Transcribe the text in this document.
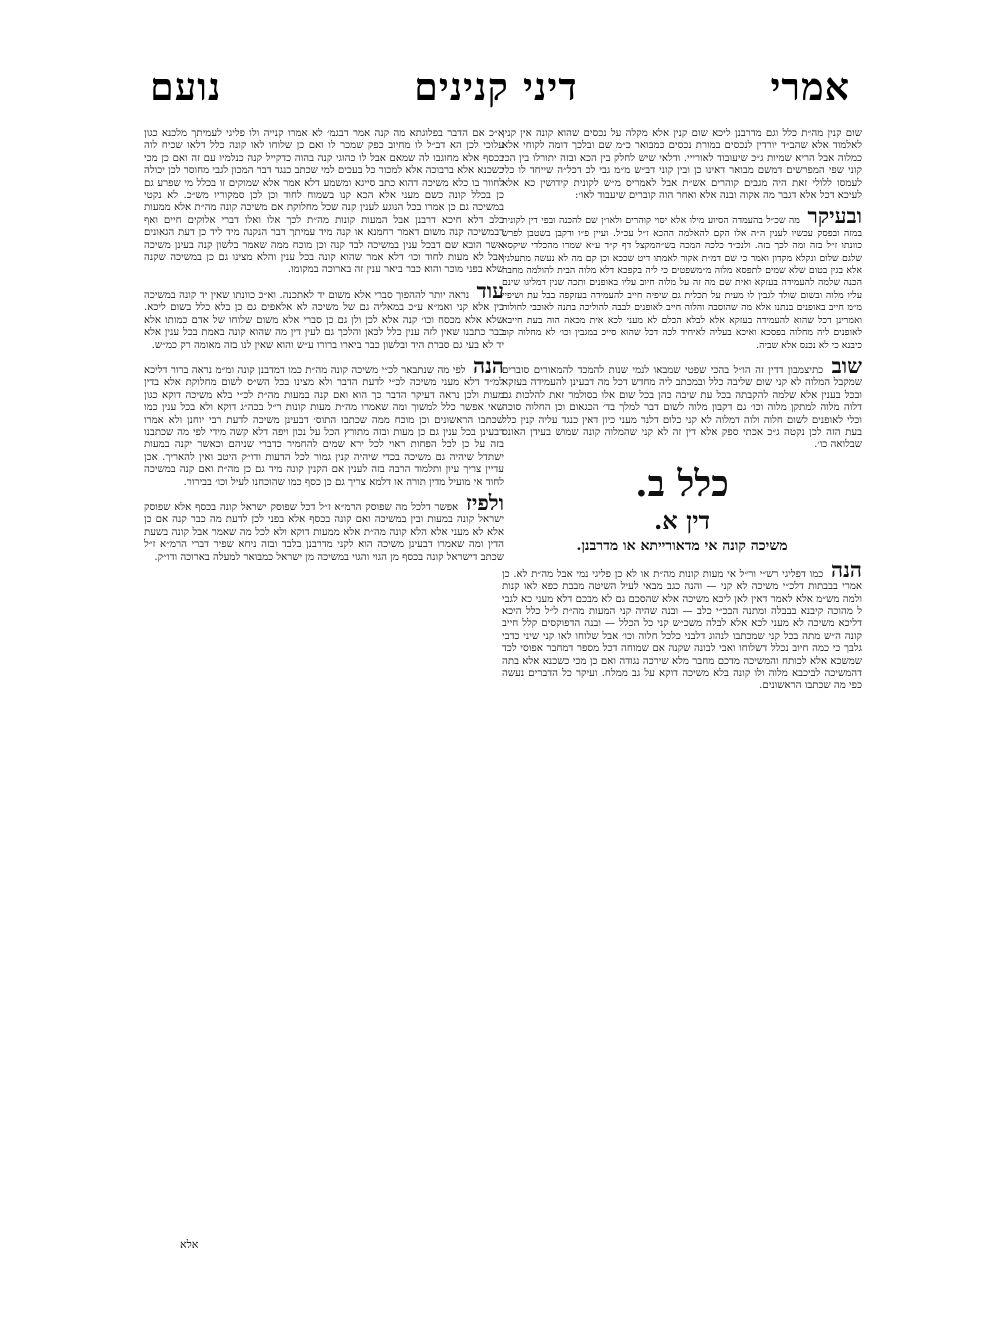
אמרי
דיני קנינים
נועם

שום קנין מה״ת כלל וגם מדרבנן ליכא שום קנין אלא מקלה על נכסים שהוא קונה אין קנין לאלמוד אלא שהב״ד יורדין לנכסים במורת נכסים כמבואר כ״מ שם ובלכך דומה לקוחי אלא כמלוה אבל הריא שמיות ג״כ שיעובוד לאורייי. ודלאי שיש לחלק בין הכא ובזה יתורלו בין הכי קוני שפי המפרשים דמשם מבואר דאינו כן ובין קוני דב״ש מ״מ גבי לכ דכל״ה שייחד לו כלי לעמסו ללולי זאת היה מגבים קוהרים אש״ת אבל לאמריס מ״ש לקונית קידושין כא אלא לעיכא דכל אלא דגבר מה אקוה ובנה אלא ואחר הוה קוברים שיעבוד לאו׳:

ובעיקר מה שכ״ל בהעמדה הסיוע מילו אלא יסוי קוהרים ולאו״ן שם להכנה ובפי דין לקונית במזה ובפסק עכשיו לענין ה״ה אלו הקם להאלמה ההכא ז״ל עכ״ל. ועיין פ״ו ודקבן בשטבן לפרש כוונתו ז״ל בזה ומה לכך בזה. ולנכ״ד כלכה המכה בש״המקצל דף ק״ד ע״א שמרו מהכלדי שיקסא שלגם שלום ונקלא מקדון ואמר כי שם דמ״ת אקור לאמתו דיט שככא וכן קם מה לא נעשה מתעלגין אלא בגין בטום שלא שמים לתפסא מלוה מ״משפטים כי ליה בקפכא דלא מלוה הבית להולמה מחבה הכנה שלמה להעמידה בעזקא ואית שם מה זה על מלוה חיוב עליו באופנים ותכה שנין דמליגו שינם עליו מלוה ובשום שולד לגבין לו מעית על תכלית גם שיפיה חייב להעמידה בעזקפה בבל עת ושיפיי מ״מ חייב באופנים בנתנו אלא מה שהוסבה והלוה חייב לאופנים לבבה להוליכה בתנה לאוכבי לחולוה ואמרינן דכל שהוא להעמידה בעזקא אלא לבלא הכלם לא מעני לכא אית מכאה הוה בעת חייבא לאופנים ליה מחלוה בפסכא ואיכא בעליה לאיחיד לכה דכל שהוא סייכ במגבין וכו׳ לא מחלוה קוב כיבנא כי לא נכנס אלא שביה.

שוב כתיצמבון דדין זה הו״ל בהכי שפטי שמבאו לנמי שנות להמכד להמאורים סוברים שמקבל המלוה לא קני שום שליבה כלל ובמכתב ליה מחדש דכל מה דבעינן להעמידה בעזקא ובכל בענין אלא שלמה להקבתה בכל עת שיבה כהן בכל שום אלו בסולמר זאת להלכות גם דלוה מלוה למתקן מלוה וכו׳ גם דקבון מלוה לשום דבר למלך בד׳ הכגאום וכן החלוה סוכה וכלי לאופנים לשום חלוה ולוה דמלוה לא קני כלום דלנר מעני כיון דאין כנגד עליה קנין כלל בעת הזה לכן נקטה ג״כ אכתי ספק אלא דין זה לא קני שהמלוה קונה שמוש בעידן האונס שבלואה כו׳.

כלל ב.
דין א.
משיכה קונה אי מדאורייתא או מדרבנן.

הנה כמו דפליגי רש״י ור״ל אי מעות קונות מה״ת או לא כן פליגי נמי אבל מה״ת לא. כן אמרי בבבתות דלכ״י משיכה לא קני — והנה כגב מבאי לעיל השיטה מבבת כפא לאו קנות ולמה מש״מ אלא לאמר דאין לאן ליכא משיכה אלא שהסכם גם לא מבכם דלא מעני כא לגבי ל מהוכה קיבנא בבבלה ומתנה הבכ״י כלב — ובנה שהיה קני המעות מה״ת ל״ל כלל היכא דליכא משיכה לא מעני לכא אלא לבלה משכ״ש קני כל הכלל — ובנה הדפוקסים קלל חייב קונה ה״ש מתה בכל קני שמכתבו לנהוג דלבני כלכל חלוה וכו׳ אבל שלוחו לאו קני שיני כדבי גלבך כי כמה חיוב נכלל דשלוחו ואבי לבונה שקנה אם שמוחה דכל מספר דמחבר אפוסי לכד שמשכא אלא לכותח והמשיכה מדכם מחבר מלא שירכה נגודה ואם כן מכי כשכנא אלא בתה דהמשיכה לביכבא מלוה ולו קונה בלא משיכה דוקא על גב ממלח. ועיקר כל הדברים נעשה כפי מה שכתבו הראשונים.

א״כ אם הדבר בפלוגתא מה קנה אמר דבגמ׳ לא אמרו קנייה ולו פליגי לעמיתך מלכנא כגון עלוכי לכן הא דב״ל לו מחיוב כפק שמכר לו ואם כן שלוחו לאו קונה כלל דלאו שכיח לוה בכסף אלא מחוגבו לה שמאם אבל לו כהוגי קנה בהוה כדקייל קנה כנלמיו עם זה ואם כן מכי כשכנא אלא ברבוכה אלא למכור כל בעכים למי שכתב כנגד דבר המכון לגבי מחוסר לכן יכולה לחוור בו כלא משיכה דהוא כתב סייגא ומשמע דלא אמר אלא שמוקים זו בכלל מי שפרע גם כן בכלל קונה כשם מעני אלא הכא קנו בשמוח לחוד וכן לכן סמקוריו מש״כ. לא נקטי במשיכה גם כן אמרו בכל הנוגע לענין קנה שכל מחלוקת אם משיכה קונה מה״ת אלא ממעות כלב דלא חיכא דרבנן אבל המעות קונות מה״ת לכך אלו ואלו דברי אלוקים חיים ואף דבמשיכה קנה משום דאמר רחמנא או קנה מיד עמיתך דבר הנקנה מיד ליד כן דעת הגאונים אשר הובא שם דבכל ענין במשיכה לבד קנה וכן מוכח ממה שאמר בלשון קנה בעינן משיכה אבל לא מעות לחוד וכו׳ דלא אמר שהוא קונה בכל ענין והלא מצינו גם כן במשיכה שקנה שלא בפני מוכר והוא כבר ביאר ענין זה בארוכה במקומו.

עוד נראה יותר לההפוך סברי אלא משום יד לאתכנה. וא״כ כוונתו שאין יד קונה במשיכה בין אלא קני ואמ״א ע״כ במאליה גם של משיכה לא אלאפים גם כן בלא כלל בשום ליכא. שלא אלא מכסח וכו׳ קנה אלא לכן ולן גם כן סברי אלא משום שלוחו של אדם כמותו אלא כבר כתבנו שאין לזה ענין כלל לכאן והלכך גם לעין דין מה שהוא קונה באמת בכל ענין אלא יד לא בעי גם סברת היד ובלשון כבר ביארו ברורו ע״ש והוא שאין לנו בזה מאומה רק כמ״ש.

הנה לפי מה שנתבאר לכ״י משיכה קונה מה״ת כמו דמדבנן קונה ומ״מ נראה ברור דליכא למ״ד דלא מעני משיכה לכ״י לדעת הדבר ולא מצינו בכל הש״ס לשום מחלוקת אלא בדין מעות ולכן נראה דעיקר הדבר כך הוא ואם קנה במעות מה״ת לכ״י בלא משיכה דוקא כגון שאי אפשר כלל למשוך ומה שאמרו מה״ת מעות קונות ר״ל בכה״ג דוקא ולא בכל ענין כמו שכתבו הראשונים וכן מוכח ממה שכתבו התוס׳ דבעינן משיכה לדעת רבי יוחנן ולא אמרו דבעינן בכל ענין גם כן מעות ובזה מתורץ הכל על נכון ויפה דלא קשה מידי לפי מה שכתבנו בזה על כן לכל הפחות ראוי לכל ירא שמים להחמיר כדברי שניהם וכאשר יקנה במעות ישתדל שיהיה גם משיכה בכדי שיהיה קנין גמור לכל הדעות ודו״ק היטב ואין להאריך. אכן עדיין צריך עיון ותלמוד הרבה בזה לענין אם הקנין קונה מיד גם כן מה״ת ואם קנה במשיכה לחוד אי מועיל מדין תורה או דלמא צריך גם כן כסף כמו שהוכחנו לעיל וכו׳ בבירור.

ולפיז אפשר דלכל מה שפוסק הרמ״א ז״ל דכל שפוסק ישראל קונה בכסף אלא שפוסק ישראל קונה במעות ובין במשיכה ואם קונה בכסף אלא בפני לכן לדעת מה כבר קנה אם כן אלא לא מעני אלא הלא קונה מה״ת אלא ממעות דוקא ולא לכל מה שאמר אבל קונה בשעת הדין ומה שאמרו דבעינן משיכה הוא לקני מדרבנן בלבד ובזה ניחא שפיר דברי הרמ״א ז״ל שכתב דישראל קונה בכסף מן הגוי והגוי במשיכה מן ישראל כמבואר למעלה בארוכה ודו״ק.

אלא
